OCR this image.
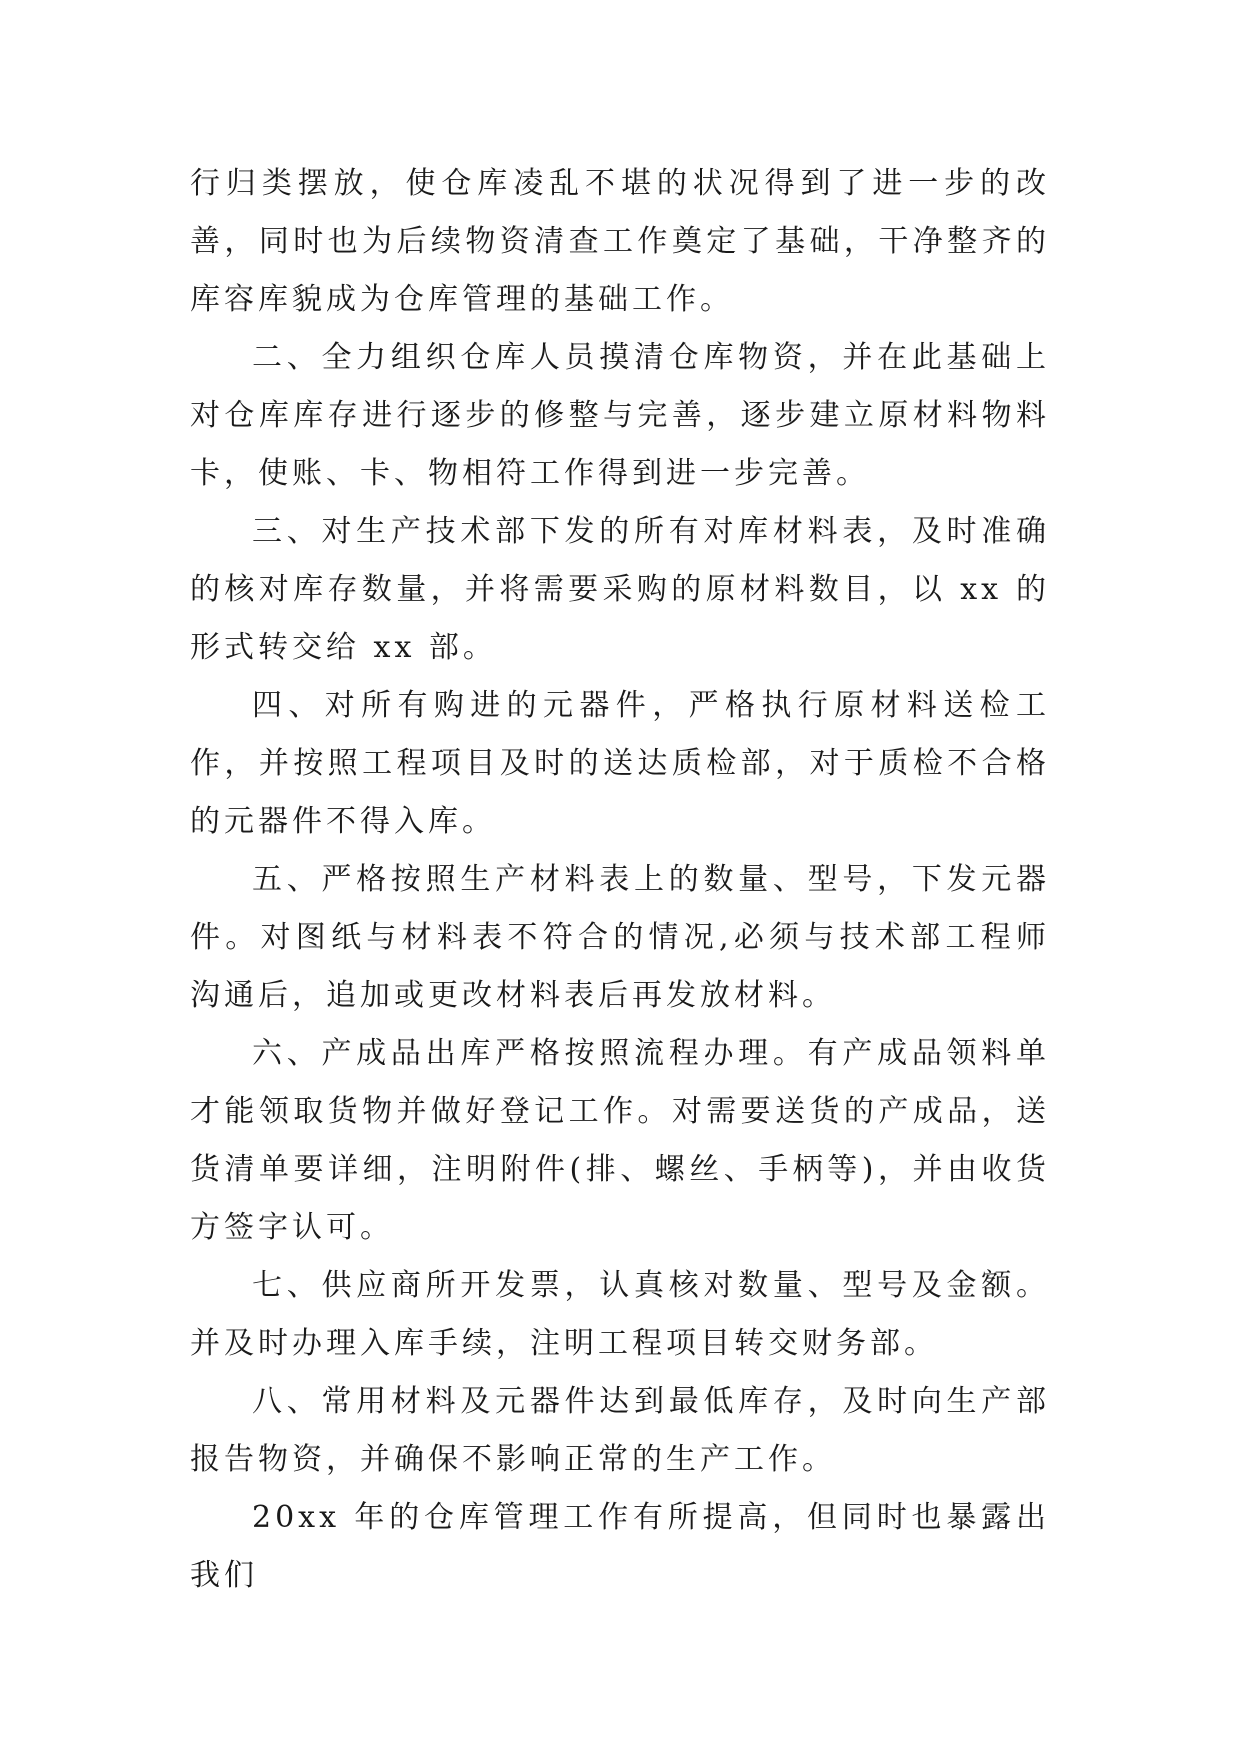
行归类摆放，使仓库凌乱不堪的状况得到了进一步的改善，同时也为后续物资清查工作奠定了基础，干净整齐的库容库貌成为仓库管理的基础工作。

二、全力组织仓库人员摸清仓库物资，并在此基础上对仓库库存进行逐步的修整与完善，逐步建立原材料物料卡，使账、卡、物相符工作得到进一步完善。

三、对生产技术部下发的所有对库材料表，及时准确的核对库存数量，并将需要采购的原材料数目，以 xx 的形式转交给 xx 部。

四、对所有购进的元器件，严格执行原材料送检工作，并按照工程项目及时的送达质检部，对于质检不合格的元器件不得入库。

五、严格按照生产材料表上的数量、型号，下发元器件。对图纸与材料表不符合的情况,必须与技术部工程师沟通后，追加或更改材料表后再发放材料。

六、产成品出库严格按照流程办理。有产成品领料单才能领取货物并做好登记工作。对需要送货的产成品，送货清单要详细，注明附件(排、螺丝、手柄等)，并由收货方签字认可。

七、供应商所开发票，认真核对数量、型号及金额。并及时办理入库手续，注明工程项目转交财务部。

八、常用材料及元器件达到最低库存，及时向生产部报告物资，并确保不影响正常的生产工作。

20xx 年的仓库管理工作有所提高，但同时也暴露出我们
